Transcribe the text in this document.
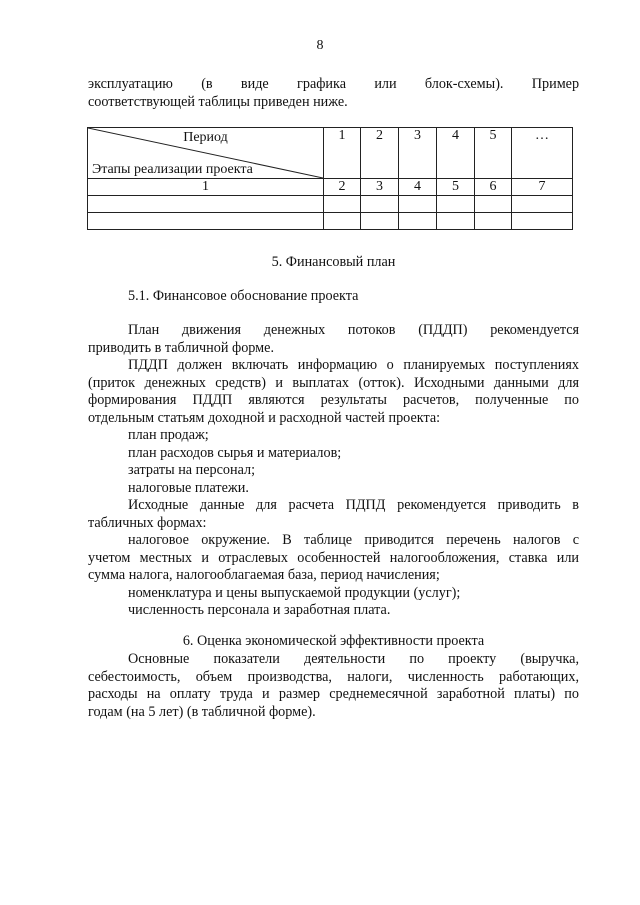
8
эксплуатацию (в виде графика или блок-схемы). Пример
соответствующей таблицы приведен ниже.
Период
Этапы реализации проекта	1	2	3	4	5	…
1	2	3	4	5	6	7

5. Финансовый план
5.1. Финансовое обоснование проекта
План движения денежных потоков (ПДДП) рекомендуется
приводить в табличной форме.
ПДДП должен включать информацию о планируемых поступлениях
(приток денежных средств) и выплатах (отток). Исходными данными для
формирования ПДДП являются результаты расчетов, полученные по
отдельным статьям доходной и расходной частей проекта:
план продаж;
план расходов сырья и материалов;
затраты на персонал;
налоговые платежи.
Исходные данные для расчета ПДПД рекомендуется приводить в
табличных формах:
налоговое окружение. В таблице приводится перечень налогов с
учетом местных и отраслевых особенностей налогообложения, ставка или
сумма налога, налогооблагаемая база, период начисления;
номенклатура и цены выпускаемой продукции (услуг);
численность персонала и заработная плата.
6. Оценка экономической эффективности проекта
Основные показатели деятельности по проекту (выручка,
себестоимость, объем производства, налоги, численность работающих,
расходы на оплату труда и размер среднемесячной заработной платы) по
годам (на 5 лет) (в табличной форме).
